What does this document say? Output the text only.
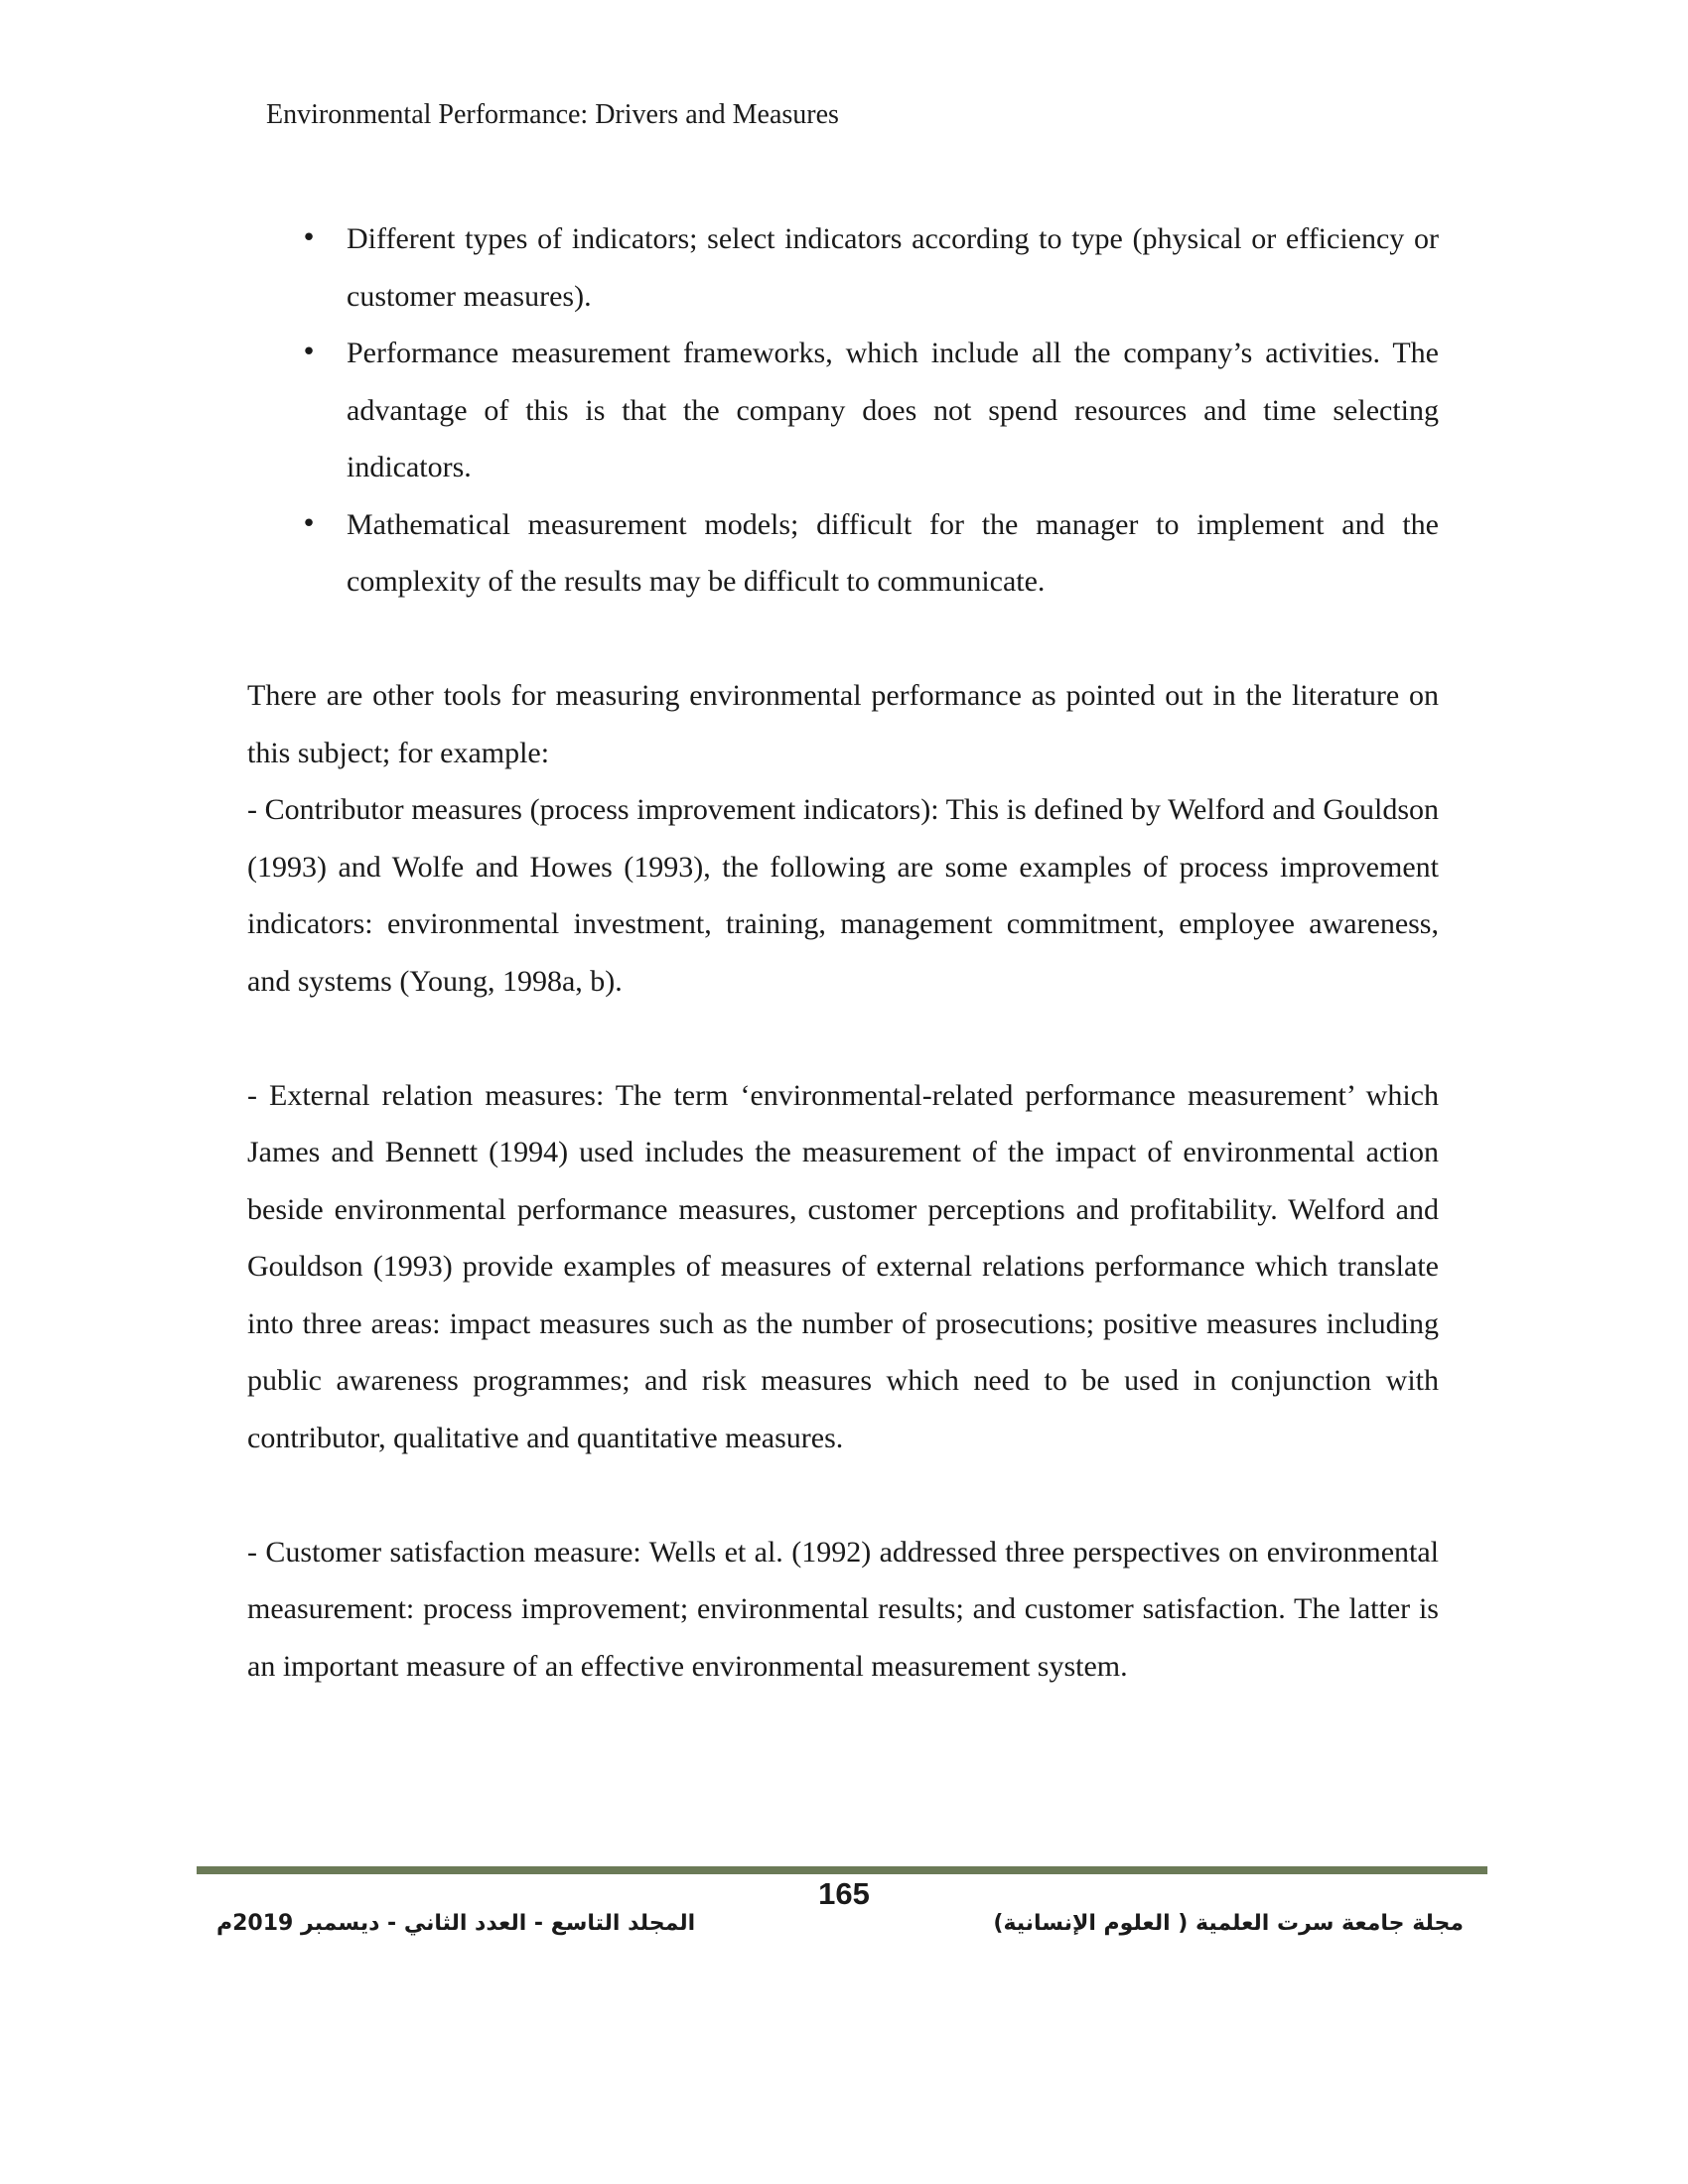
Environmental Performance: Drivers and Measures
• Different types of indicators; select indicators according to type (physical or efficiency or customer measures).
• Performance measurement frameworks, which include all the company’s activities. The advantage of this is that the company does not spend resources and time selecting indicators.
• Mathematical measurement models; difficult for the manager to implement and the complexity of the results may be difficult to communicate.

There are other tools for measuring environmental performance as pointed out in the literature on this subject; for example:

- Contributor measures (process improvement indicators): This is defined by Welford and Gouldson (1993) and Wolfe and Howes (1993), the following are some examples of process improvement indicators: environmental investment, training, management commitment, employee awareness, and systems (Young, 1998a, b).

- External relation measures: The term ‘environmental-related performance measurement’ which James and Bennett (1994) used includes the measurement of the impact of environmental action beside environmental performance measures, customer perceptions and profitability. Welford and Gouldson (1993) provide examples of measures of external relations performance which translate into three areas: impact measures such as the number of prosecutions; positive measures including public awareness programmes; and risk measures which need to be used in conjunction with contributor, qualitative and quantitative measures.

- Customer satisfaction measure: Wells et al. (1992) addressed three perspectives on environmental measurement: process improvement; environmental results; and customer satisfaction. The latter is an important measure of an effective environmental measurement system.

165
المجلد التاسع - العدد الثاني - ديسمبر 2019م	مجلة جامعة سرت العلمية ( العلوم الإنسانية)
